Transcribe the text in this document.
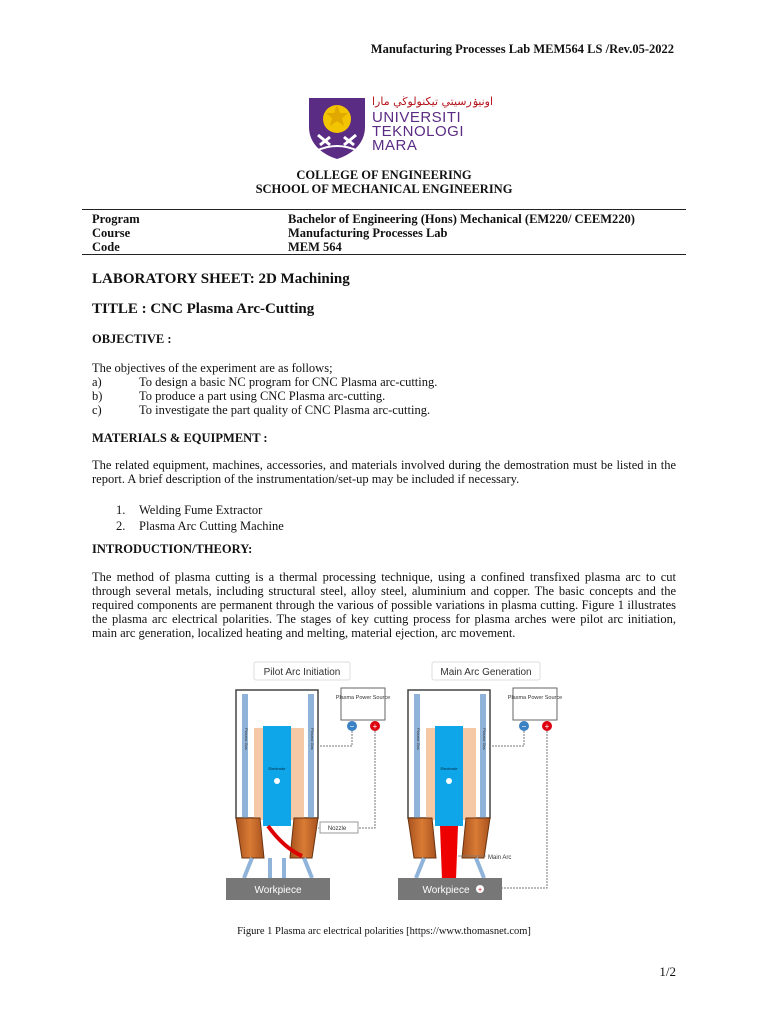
Manufacturing Processes Lab MEM564 LS /Rev.05-2022
اونيۏرسيتي تيكنولوڬي مارا
UNIVERSITI
TEKNOLOGI
MARA
COLLEGE OF ENGINEERING
SCHOOL OF MECHANICAL ENGINEERING
Program	Bachelor of Engineering (Hons) Mechanical (EM220/ CEEM220)
Course	Manufacturing Processes Lab
Code	MEM 564
LABORATORY SHEET: 2D Machining
TITLE : CNC Plasma Arc-Cutting
OBJECTIVE :
The objectives of the experiment are as follows;
a)	To design a basic NC program for CNC Plasma arc-cutting.
b)	To produce a part using CNC Plasma arc-cutting.
c)	To investigate the part quality of CNC Plasma arc-cutting.
MATERIALS & EQUIPMENT :
The related equipment, machines, accessories, and materials involved during the demostration must be listed in the report. A brief description of the instrumentation/set-up may be included if necessary.
1.	Welding Fume Extractor
2.	Plasma Arc Cutting Machine
INTRODUCTION/THEORY:
The method of plasma cutting is a thermal processing technique, using a confined transfixed plasma arc to cut through several metals, including structural steel, alloy steel, aluminium and copper. The basic concepts and the required components are permanent through the various of possible variations in plasma cutting. Figure 1 illustrates the plasma arc electrical polarities. The stages of key cutting process for plasma arches were pilot arc initiation, main arc generation, localized heating and melting, material ejection, arc movement.
Pilot Arc Initiation
Plasma Gas	Plasma Gas
Electrode
Workpiece
Plasma Power Source
− +
Nozzle
Main Arc Generation
Plasma Gas	Plasma Gas
Electrode
Workpiece +
Plasma Power Source
− +
Main Arc
Figure 1 Plasma arc electrical polarities [https://www.thomasnet.com]
1/2
